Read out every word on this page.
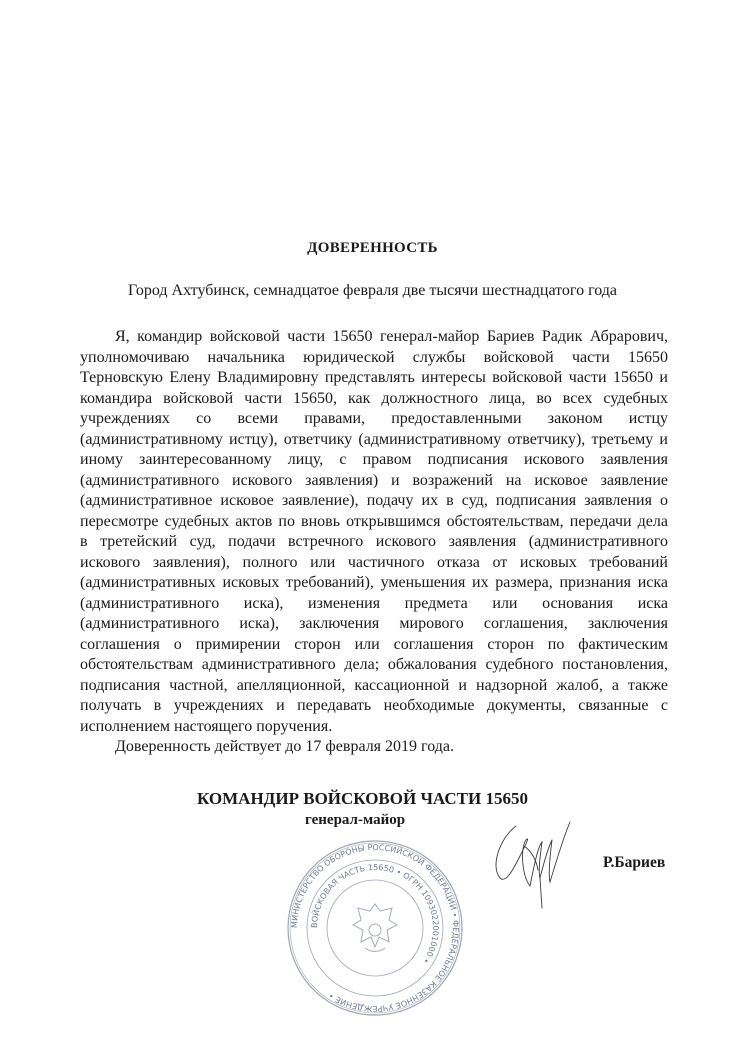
ДОВЕРЕННОСТЬ
Город Ахтубинск, семнадцатое февраля две тысячи шестнадцатого года
Я, командир войсковой части 15650 генерал-майор Бариев Радик Абрарович,
уполномочиваю начальника юридической службы войсковой части 15650
Терновскую Елену Владимировну представлять интересы войсковой части 15650 и
командира войсковой части 15650, как должностного лица, во всех судебных
учреждениях со всеми правами, предоставленными законом истцу
(административному истцу), ответчику (административному ответчику), третьему и
иному заинтересованному лицу, с правом подписания искового заявления
(административного искового заявления) и возражений на исковое заявление
(административное исковое заявление), подачу их в суд, подписания заявления о
пересмотре судебных актов по вновь открывшимся обстоятельствам, передачи дела
в третейский суд, подачи встречного искового заявления (административного
искового заявления), полного или частичного отказа от исковых требований
(административных исковых требований), уменьшения их размера, признания иска
(административного иска), изменения предмета или основания иска
(административного иска), заключения мирового соглашения, заключения
соглашения о примирении сторон или соглашения сторон по фактическим
обстоятельствам административного дела; обжалования судебного постановления,
подписания частной, апелляционной, кассационной и надзорной жалоб, а также
получать в учреждениях и передавать необходимые документы, связанные с
исполнением настоящего поручения.
Доверенность действует до 17 февраля 2019 года.
КОМАНДИР ВОЙСКОВОЙ ЧАСТИ 15650
генерал-майор
МИНИСТЕРСТВО ОБОРОНЫ РОССИЙСКОЙ ФЕДЕРАЦИИ • ФЕДЕРАЛЬНОЕ КАЗЕННОЕ УЧРЕЖДЕНИЕ •
ВОЙСКОВАЯ ЧАСТЬ 15650 • ОГРН 1093022001000 •
Р.Бариев
